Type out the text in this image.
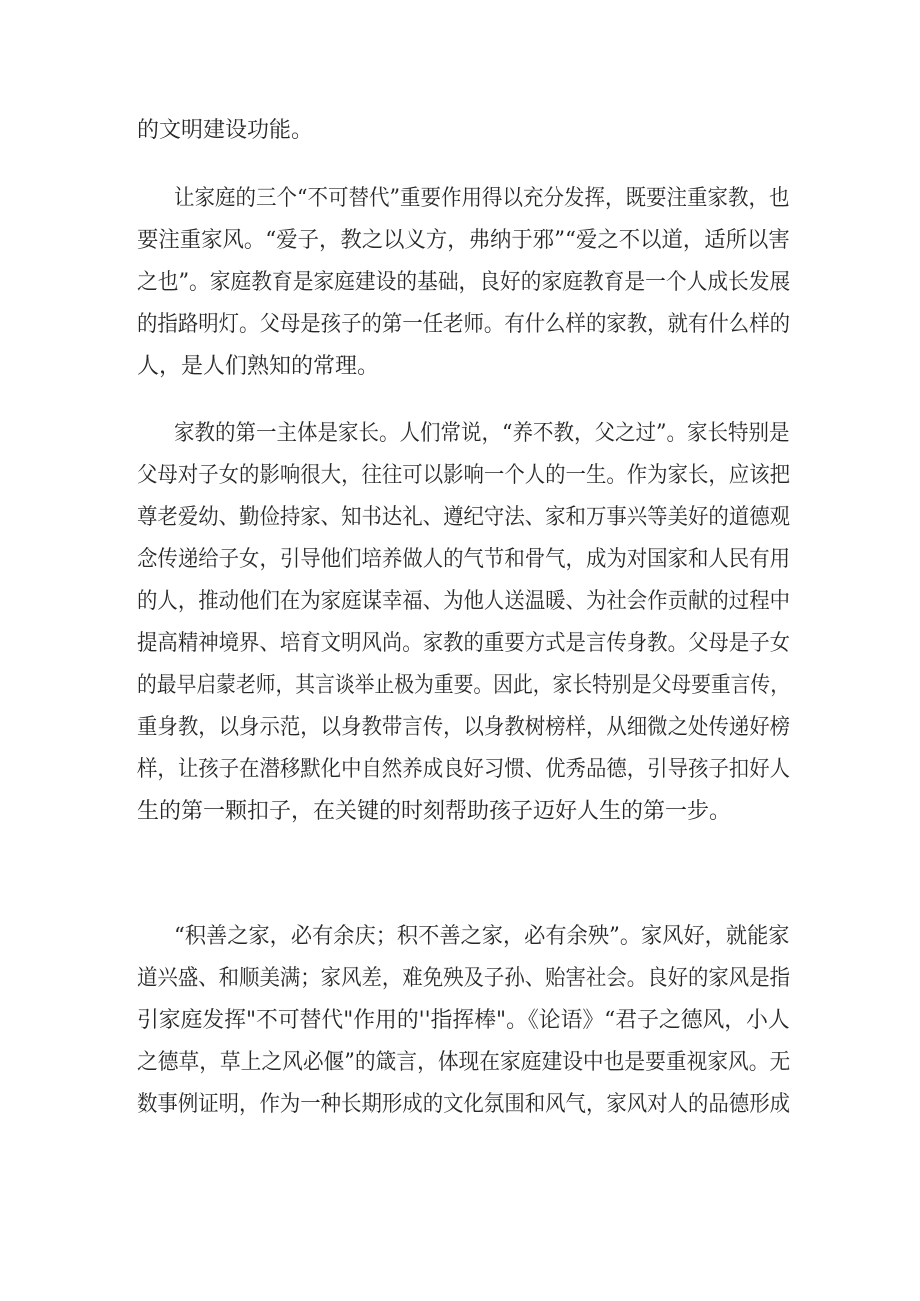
的文明建设功能。
让家庭的三个“不可替代”重要作用得以充分发挥，既要注重家教，也
要注重家风。“爱子，教之以义方，弗纳于邪”“爱之不以道，适所以害
之也”。家庭教育是家庭建设的基础，良好的家庭教育是一个人成长发展
的指路明灯。父母是孩子的第一任老师。有什么样的家教，就有什么样的
人，是人们熟知的常理。
家教的第一主体是家长。人们常说，“养不教，父之过”。家长特别是
父母对子女的影响很大，往往可以影响一个人的一生。作为家长，应该把
尊老爱幼、勤俭持家、知书达礼、遵纪守法、家和万事兴等美好的道德观
念传递给子女，引导他们培养做人的气节和骨气，成为对国家和人民有用
的人，推动他们在为家庭谋幸福、为他人送温暖、为社会作贡献的过程中
提高精神境界、培育文明风尚。家教的重要方式是言传身教。父母是子女
的最早启蒙老师，其言谈举止极为重要。因此，家长特别是父母要重言传，
重身教，以身示范，以身教带言传，以身教树榜样，从细微之处传递好榜
样，让孩子在潜移默化中自然养成良好习惯、优秀品德，引导孩子扣好人
生的第一颗扣子，在关键的时刻帮助孩子迈好人生的第一步。
“积善之家，必有余庆；积不善之家，必有余殃”。家风好，就能家
道兴盛、和顺美满；家风差，难免殃及子孙、贻害社会。良好的家风是指
引家庭发挥"不可替代"作用的''指挥棒"。《论语》“君子之德风，小人
之德草，草上之风必偃”的箴言，体现在家庭建设中也是要重视家风。无
数事例证明，作为一种长期形成的文化氛围和风气，家风对人的品德形成
